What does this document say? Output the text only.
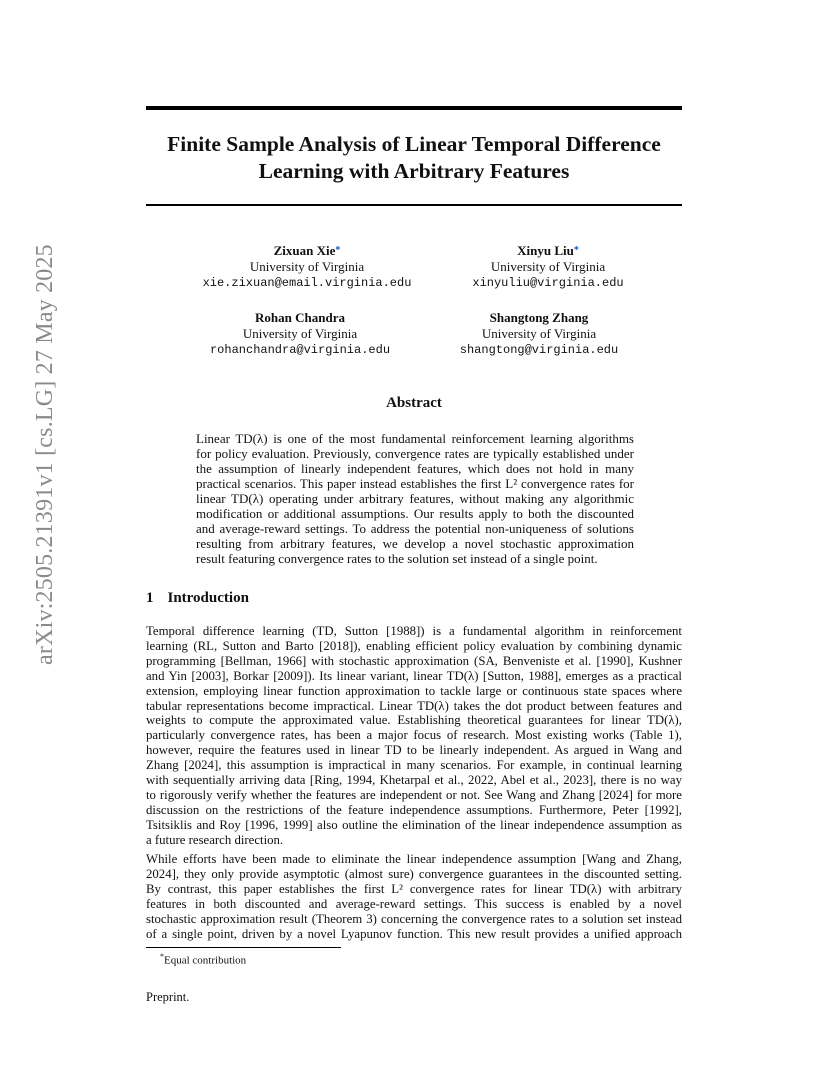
arXiv:2505.21391v1 [cs.LG] 27 May 2025
Finite Sample Analysis of Linear Temporal Difference
Learning with Arbitrary Features
Zixuan Xie*
University of Virginia
xie.zixuan@email.virginia.edu
Xinyu Liu*
University of Virginia
xinyuliu@virginia.edu
Rohan Chandra
University of Virginia
rohanchandra@virginia.edu
Shangtong Zhang
University of Virginia
shangtong@virginia.edu
Abstract
Linear TD(λ) is one of the most fundamental reinforcement learning algorithms
for policy evaluation. Previously, convergence rates are typically established under
the assumption of linearly independent features, which does not hold in many
practical scenarios. This paper instead establishes the first L² convergence rates for
linear TD(λ) operating under arbitrary features, without making any algorithmic
modification or additional assumptions. Our results apply to both the discounted
and average-reward settings. To address the potential non-uniqueness of solutions
resulting from arbitrary features, we develop a novel stochastic approximation
result featuring convergence rates to the solution set instead of a single point.
1 Introduction
Temporal difference learning (TD, Sutton [1988]) is a fundamental algorithm in reinforcement
learning (RL, Sutton and Barto [2018]), enabling efficient policy evaluation by combining dynamic
programming [Bellman, 1966] with stochastic approximation (SA, Benveniste et al. [1990], Kushner
and Yin [2003], Borkar [2009]). Its linear variant, linear TD(λ) [Sutton, 1988], emerges as a practical
extension, employing linear function approximation to tackle large or continuous state spaces where
tabular representations become impractical. Linear TD(λ) takes the dot product between features and
weights to compute the approximated value. Establishing theoretical guarantees for linear TD(λ),
particularly convergence rates, has been a major focus of research. Most existing works (Table 1),
however, require the features used in linear TD to be linearly independent. As argued in Wang and
Zhang [2024], this assumption is impractical in many scenarios. For example, in continual learning
with sequentially arriving data [Ring, 1994, Khetarpal et al., 2022, Abel et al., 2023], there is no way
to rigorously verify whether the features are independent or not. See Wang and Zhang [2024] for more
discussion on the restrictions of the feature independence assumptions. Furthermore, Peter [1992],
Tsitsiklis and Roy [1996, 1999] also outline the elimination of the linear independence assumption as
a future research direction.
While efforts have been made to eliminate the linear independence assumption [Wang and Zhang,
2024], they only provide asymptotic (almost sure) convergence guarantees in the discounted setting.
By contrast, this paper establishes the first L² convergence rates for linear TD(λ) with arbitrary
features in both discounted and average-reward settings. This success is enabled by a novel
stochastic approximation result (Theorem 3) concerning the convergence rates to a solution set instead
of a single point, driven by a novel Lyapunov function. This new result provides a unified approach
*Equal contribution
Preprint.
